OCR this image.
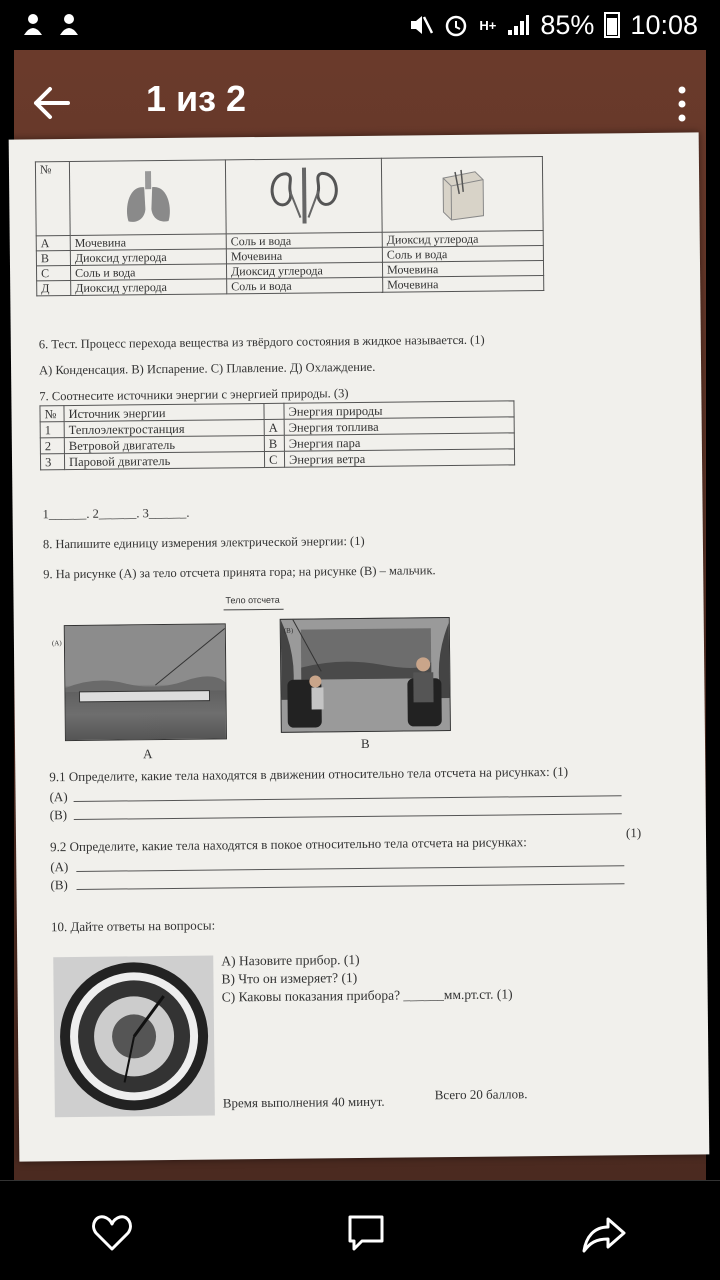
H+ 85% 10:08
№	

А	Мочевина	Соль и вода	Диоксид углерода
В	Диоксид углерода	Мочевина	Соль и вода
С	Соль и вода	Диоксид углерода	Мочевина
Д	Диоксид углерода	Соль и вода	Мочевина
6. Тест. Процесс перехода вещества из твёрдого состояния в жидкое называется. (1)
А) Конденсация. В) Испарение. С) Плавление. Д) Охлаждение.
7. Соотнесите источники энергии с энергией природы. (3)
№	Источник энергии		Энергия природы
1	Теплоэлектростанция	А	Энергия топлива
2	Ветровой двигатель	В	Энергия пара
3	Паровой двигатель	С	Энергия ветра
1______. 2______. 3______.
8. Напишите единицу измерения электрической энергии: (1)
9. На рисунке (А) за тело отсчета принята гора; на рисунке (В) – мальчик.
Тело отсчета
(А)
(В)
А
В
9.1 Определите, какие тела находятся в движении относительно тела отсчета на рисунках: (1)
(А)
(В)
9.2 Определите, какие тела находятся в покое относительно тела отсчета на рисунках:
(1)
(А)
(В)
10. Дайте ответы на вопросы:
А) Назовите прибор. (1)
В) Что он измеряет? (1)
С) Каковы показания прибора? ______мм.рт.ст. (1)
Время выполнения 40 минут.	Всего 20 баллов.
1 из 2
